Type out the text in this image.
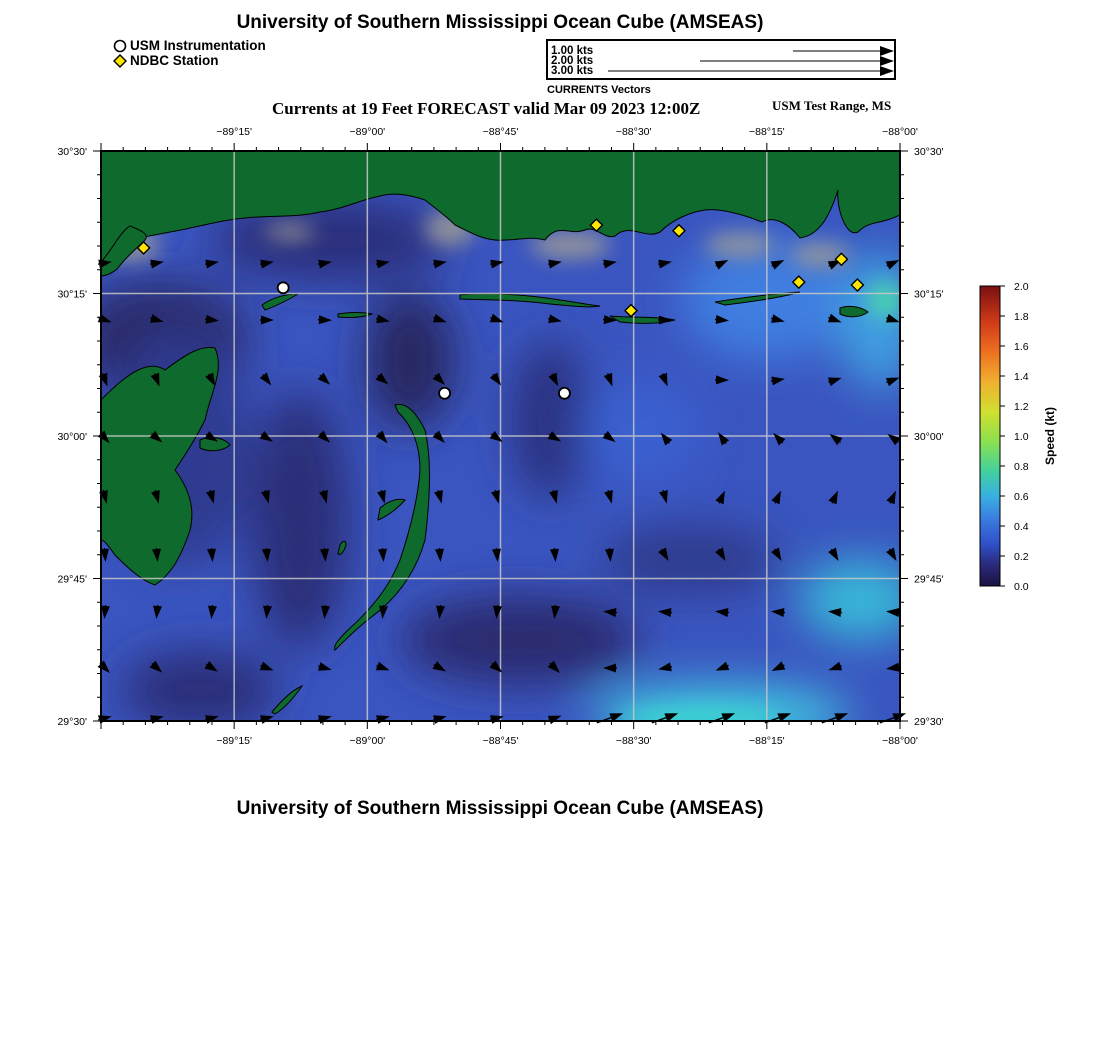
University of Southern Mississippi Ocean Cube (AMSEAS)
USM Instrumentation
NDBC Station
1.00 kts
2.00 kts
3.00 kts
CURRENTS Vectors
Currents at 19 Feet FORECAST valid Mar 09 2023 12:00Z	USM Test Range, MS
−89°15'
−89°15'
−89°00'
−89°00'
−88°45'
−88°45'
−88°30'
−88°30'
−88°15'
−88°15'
−88°00'
−88°00'
30°30'	30°30'
30°15'	30°15'
30°00'	30°00'
29°45'	29°45'
29°30'	29°30'
2.0
1.8
1.6
1.4
1.2
1.0
0.8
0.6
0.4
0.2
0.0
Speed (kt)
University of Southern Mississippi Ocean Cube (AMSEAS)
